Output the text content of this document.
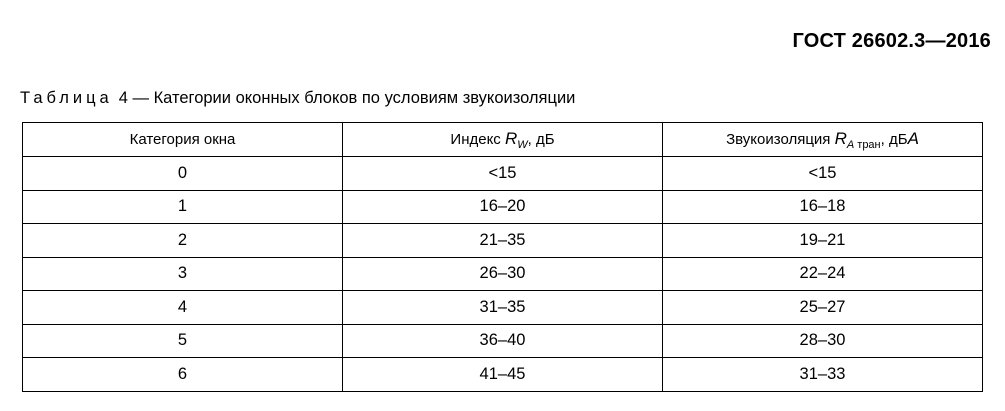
ГОСТ 26602.3—2016
Таблица 4 — Категории оконных блоков по условиям звукоизоляции
Категория окна	Индекс $R_W$, дБ	Звукоизоляция $R_A$ $_{тран}$, дБА
0	<15	<15
1	16–20	16–18
2	21–35	19–21
3	26–30	22–24
4	31–35	25–27
5	36–40	28–30
6	41–45	31–33
